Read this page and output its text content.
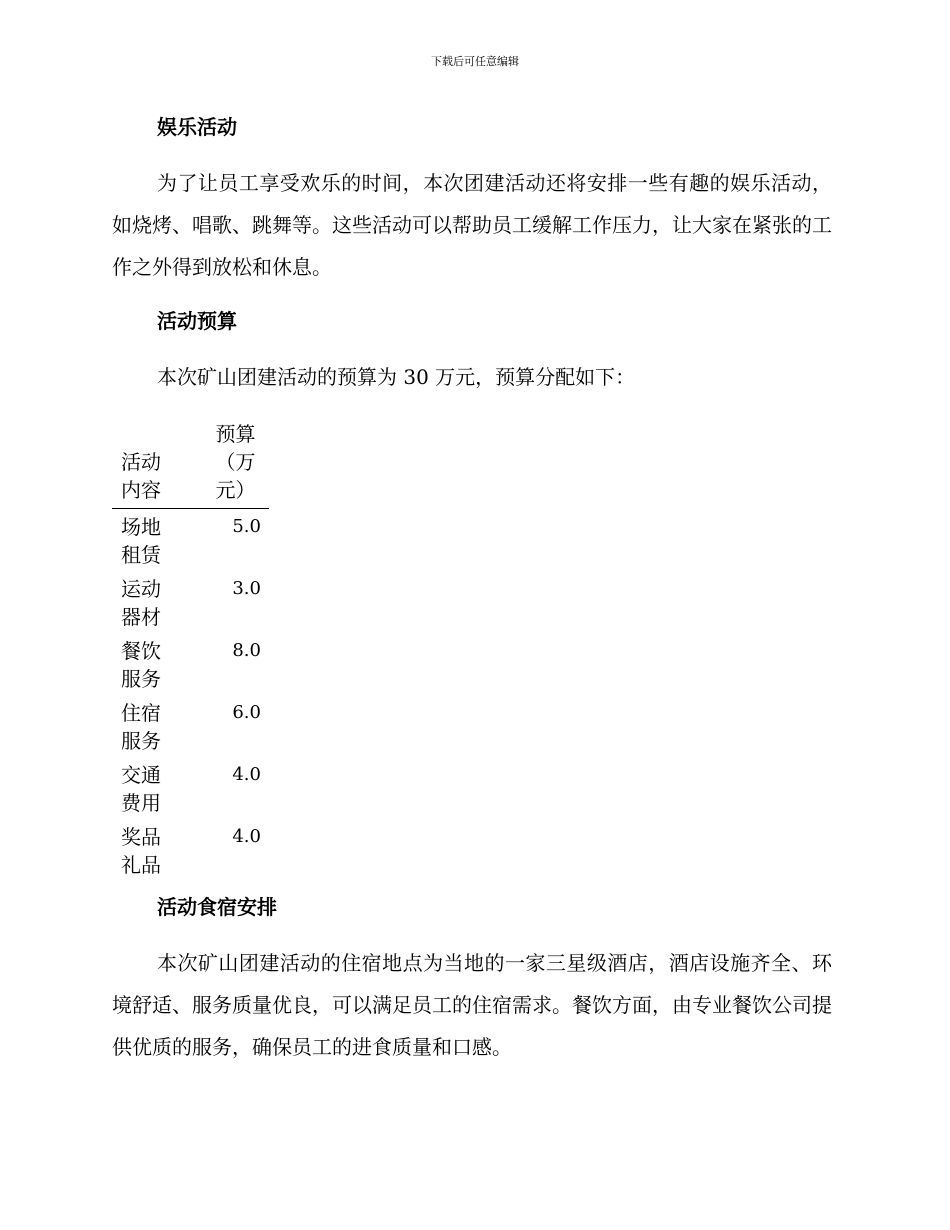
下载后可任意编辑
娱乐活动

为了让员工享受欢乐的时间，本次团建活动还将安排一些有趣的娱乐活动，如烧烤、唱歌、跳舞等。这些活动可以帮助员工缓解工作压力，让大家在紧张的工作之外得到放松和休息。

活动预算

本次矿山团建活动的预算为 30 万元，预算分配如下：

活动内容	预算（万元）

场地租赁	5.0

运动器材	3.0

餐饮服务	8.0

住宿服务	6.0

交通费用	4.0

奖品礼品	4.0
活动食宿安排

本次矿山团建活动的住宿地点为当地的一家三星级酒店，酒店设施齐全、环境舒适、服务质量优良，可以满足员工的住宿需求。餐饮方面，由专业餐饮公司提供优质的服务，确保员工的进食质量和口感。
